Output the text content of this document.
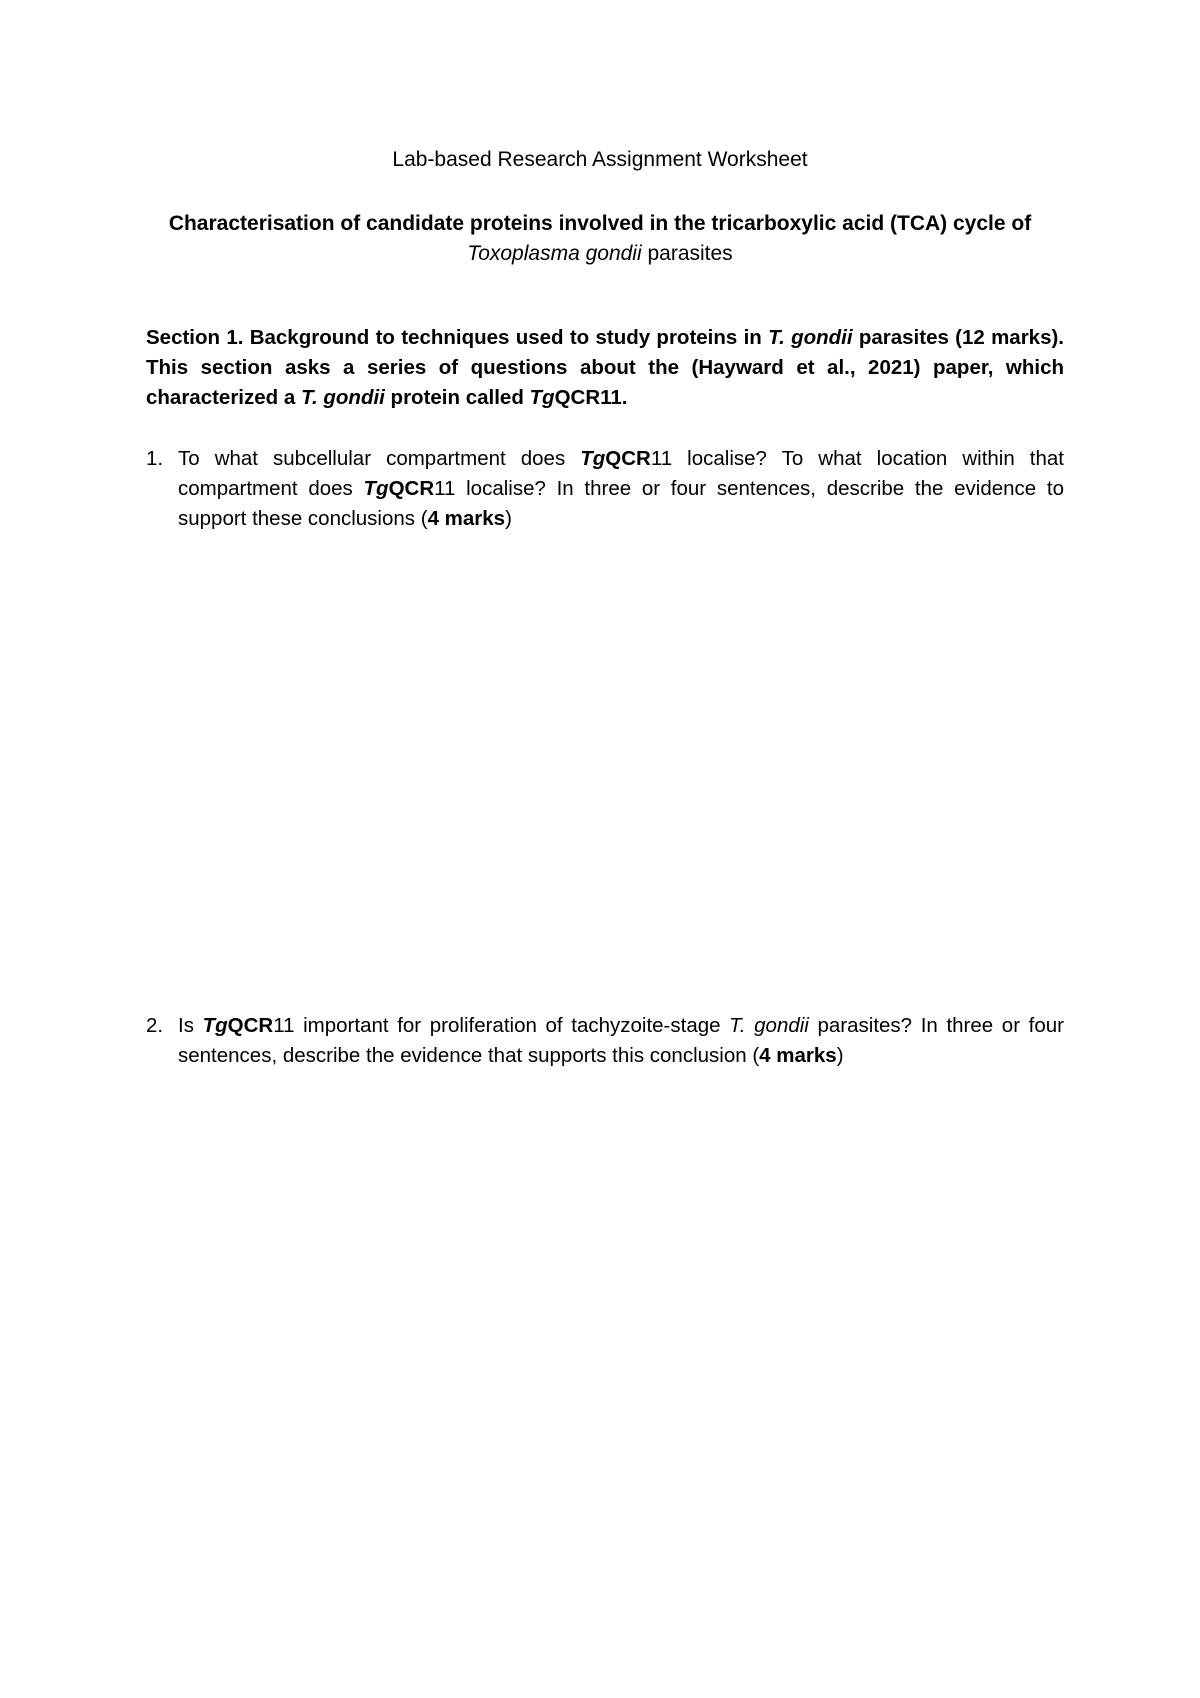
Lab-based Research Assignment Worksheet
Characterisation of candidate proteins involved in the tricarboxylic acid (TCA) cycle of
Toxoplasma gondii parasites

Section 1. Background to techniques used to study proteins in T. gondii parasites (12 marks). This section asks a series of questions about the (Hayward et al., 2021) paper, which characterized a T. gondii protein called TgQCR11.

1. To what subcellular compartment does TgQCR11 localise? To what location within that compartment does TgQCR11 localise? In three or four sentences, describe the evidence to support these conclusions (4 marks)

2. Is TgQCR11 important for proliferation of tachyzoite-stage T. gondii parasites? In three or four sentences, describe the evidence that supports this conclusion (4 marks)
